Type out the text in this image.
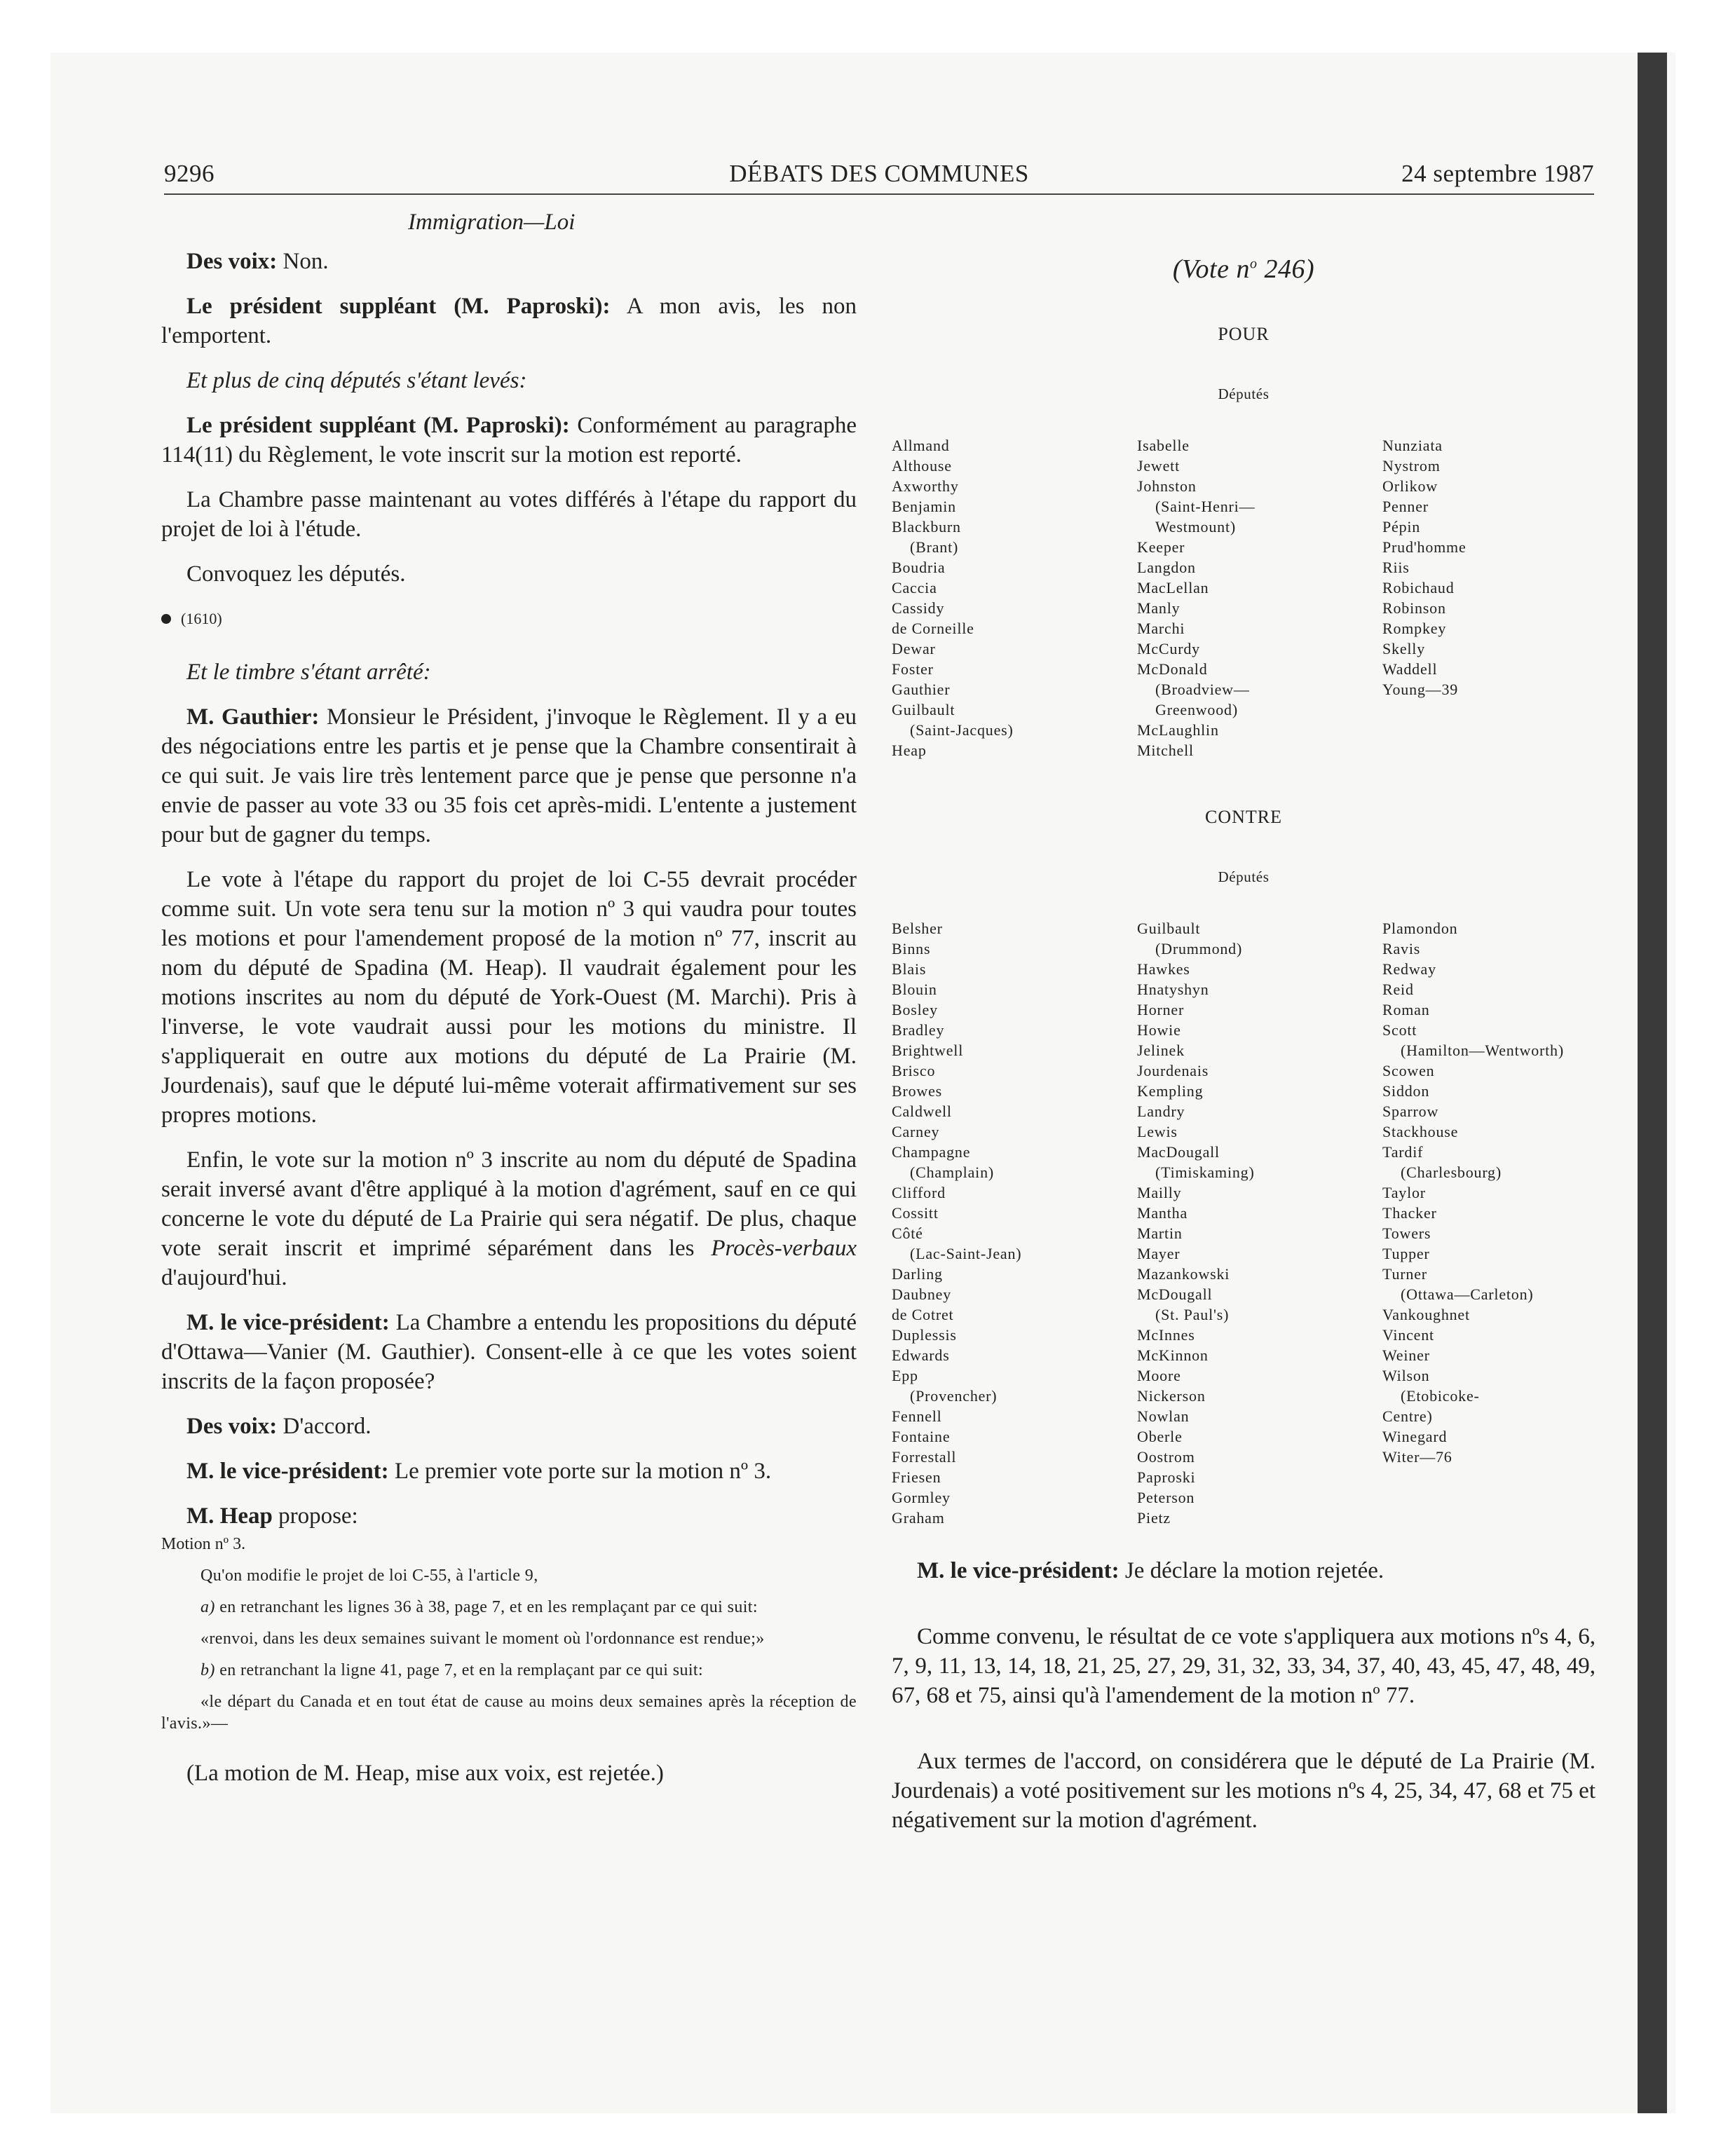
9296	DÉBATS DES COMMUNES	24 septembre 1987

Immigration—Loi

Des voix: Non.

Le président suppléant (M. Paproski): A mon avis, les non l'emportent.

Et plus de cinq députés s'étant levés:

Le président suppléant (M. Paproski): Conformément au paragraphe 114(11) du Règlement, le vote inscrit sur la motion est reporté.

La Chambre passe maintenant au votes différés à l'étape du rapport du projet de loi à l'étude.

Convoquez les députés.

(1610)

Et le timbre s'étant arrêté:

M. Gauthier: Monsieur le Président, j'invoque le Règlement. Il y a eu des négociations entre les partis et je pense que la Chambre consentirait à ce qui suit. Je vais lire très lentement parce que je pense que personne n'a envie de passer au vote 33 ou 35 fois cet après-midi. L'entente a justement pour but de gagner du temps.

Le vote à l'étape du rapport du projet de loi C-55 devrait procéder comme suit. Un vote sera tenu sur la motion nº 3 qui vaudra pour toutes les motions et pour l'amendement proposé de la motion nº 77, inscrit au nom du député de Spadina (M. Heap). Il vaudrait également pour les motions inscrites au nom du député de York-Ouest (M. Marchi). Pris à l'inverse, le vote vaudrait aussi pour les motions du ministre. Il s'appliquerait en outre aux motions du député de La Prairie (M. Jourdenais), sauf que le député lui-même voterait affirmativement sur ses propres motions.

Enfin, le vote sur la motion nº 3 inscrite au nom du député de Spadina serait inversé avant d'être appliqué à la motion d'agrément, sauf en ce qui concerne le vote du député de La Prairie qui sera négatif. De plus, chaque vote serait inscrit et imprimé séparément dans les Procès-verbaux d'aujourd'hui.

M. le vice-président: La Chambre a entendu les propositions du député d'Ottawa—Vanier (M. Gauthier). Consent-elle à ce que les votes soient inscrits de la façon proposée?

Des voix: D'accord.

M. le vice-président: Le premier vote porte sur la motion nº 3.

M. Heap propose:

Motion nº 3.

Qu'on modifie le projet de loi C-55, à l'article 9,

a) en retranchant les lignes 36 à 38, page 7, et en les remplaçant par ce qui suit:

«renvoi, dans les deux semaines suivant le moment où l'ordonnance est rendue;»

b) en retranchant la ligne 41, page 7, et en la remplaçant par ce qui suit:

«le départ du Canada et en tout état de cause au moins deux semaines après la réception de l'avis.»—

(La motion de M. Heap, mise aux voix, est rejetée.)

(Vote $n^o$ 246)
POUR
Députés
Allmand
Althouse
Axworthy
Benjamin
Blackburn
(Brant)
Boudria
Caccia
Cassidy
de Corneille
Dewar
Foster
Gauthier
Guilbault
(Saint-Jacques)
Heap
Isabelle
Jewett
Johnston
(Saint-Henri—
Westmount)
Keeper
Langdon
MacLellan
Manly
Marchi
McCurdy
McDonald
(Broadview—
Greenwood)
McLaughlin
Mitchell
Nunziata
Nystrom
Orlikow
Penner
Pépin
Prud'homme
Riis
Robichaud
Robinson
Rompkey
Skelly
Waddell
Young—39
CONTRE
Députés
Belsher
Binns
Blais
Blouin
Bosley
Bradley
Brightwell
Brisco
Browes
Caldwell
Carney
Champagne
(Champlain)
Clifford
Cossitt
Côté
(Lac-Saint-Jean)
Darling
Daubney
de Cotret
Duplessis
Edwards
Epp
(Provencher)
Fennell
Fontaine
Forrestall
Friesen
Gormley
Graham
Guilbault
(Drummond)
Hawkes
Hnatyshyn
Horner
Howie
Jelinek
Jourdenais
Kempling
Landry
Lewis
MacDougall
(Timiskaming)
Mailly
Mantha
Martin
Mayer
Mazankowski
McDougall
(St. Paul's)
McInnes
McKinnon
Moore
Nickerson
Nowlan
Oberle
Oostrom
Paproski
Peterson
Pietz
Plamondon
Ravis
Redway
Reid
Roman
Scott
(Hamilton—Wentworth)
Scowen
Siddon
Sparrow
Stackhouse
Tardif
(Charlesbourg)
Taylor
Thacker
Towers
Tupper
Turner
(Ottawa—Carleton)
Vankoughnet
Vincent
Weiner
Wilson
(Etobicoke-
Centre)
Winegard
Witer—76

M. le vice-président: Je déclare la motion rejetée.

Comme convenu, le résultat de ce vote s'appliquera aux motions nºs 4, 6, 7, 9, 11, 13, 14, 18, 21, 25, 27, 29, 31, 32, 33, 34, 37, 40, 43, 45, 47, 48, 49, 67, 68 et 75, ainsi qu'à l'amendement de la motion nº 77.

Aux termes de l'accord, on considérera que le député de La Prairie (M. Jourdenais) a voté positivement sur les motions nºs 4, 25, 34, 47, 68 et 75 et négativement sur la motion d'agrément.
